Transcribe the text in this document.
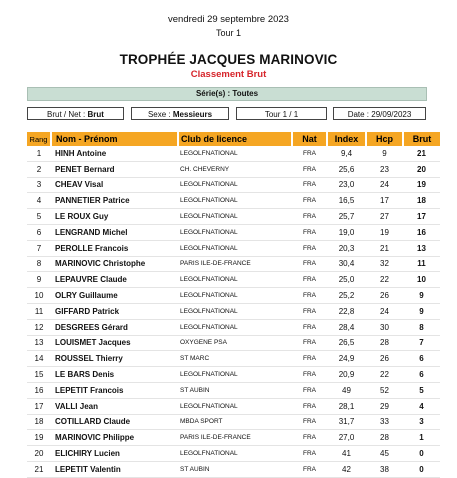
vendredi 29 septembre 2023
Tour 1
TROPHÉE JACQUES MARINOVIC
Classement Brut
Série(s) : Toutes
Brut / Net : Brut	Sexe : Messieurs	Tour 1 / 1	Date : 29/09/2023
Rang	Nom - Prénom	Club de licence	Nat	Index	Hcp	Brut
1	HINH Antoine	LEGOLFNATIONAL	FRA	9,4	9	21
2	PENET Bernard	CH. CHEVERNY	FRA	25,6	23	20
3	CHEAV Visal	LEGOLFNATIONAL	FRA	23,0	24	19
4	PANNETIER Patrice	LEGOLFNATIONAL	FRA	16,5	17	18
5	LE ROUX Guy	LEGOLFNATIONAL	FRA	25,7	27	17
6	LENGRAND Michel	LEGOLFNATIONAL	FRA	19,0	19	16
7	PEROLLE Francois	LEGOLFNATIONAL	FRA	20,3	21	13
8	MARINOVIC Christophe	PARIS ILE-DE-FRANCE	FRA	30,4	32	11
9	LEPAUVRE Claude	LEGOLFNATIONAL	FRA	25,0	22	10
10	OLRY Guillaume	LEGOLFNATIONAL	FRA	25,2	26	9
11	GIFFARD Patrick	LEGOLFNATIONAL	FRA	22,8	24	9
12	DESGREES Gérard	LEGOLFNATIONAL	FRA	28,4	30	8
13	LOUISMET Jacques	OXYGENE PSA	FRA	26,5	28	7
14	ROUSSEL Thierry	ST MARC	FRA	24,9	26	6
15	LE BARS Denis	LEGOLFNATIONAL	FRA	20,9	22	6
16	LEPETIT Francois	ST AUBIN	FRA	49	52	5
17	VALLI Jean	LEGOLFNATIONAL	FRA	28,1	29	4
18	COTILLARD Claude	MBDA SPORT	FRA	31,7	33	3
19	MARINOVIC Philippe	PARIS ILE-DE-FRANCE	FRA	27,0	28	1
20	ELICHIRY Lucien	LEGOLFNATIONAL	FRA	41	45	0
21	LEPETIT Valentin	ST AUBIN	FRA	42	38	0
